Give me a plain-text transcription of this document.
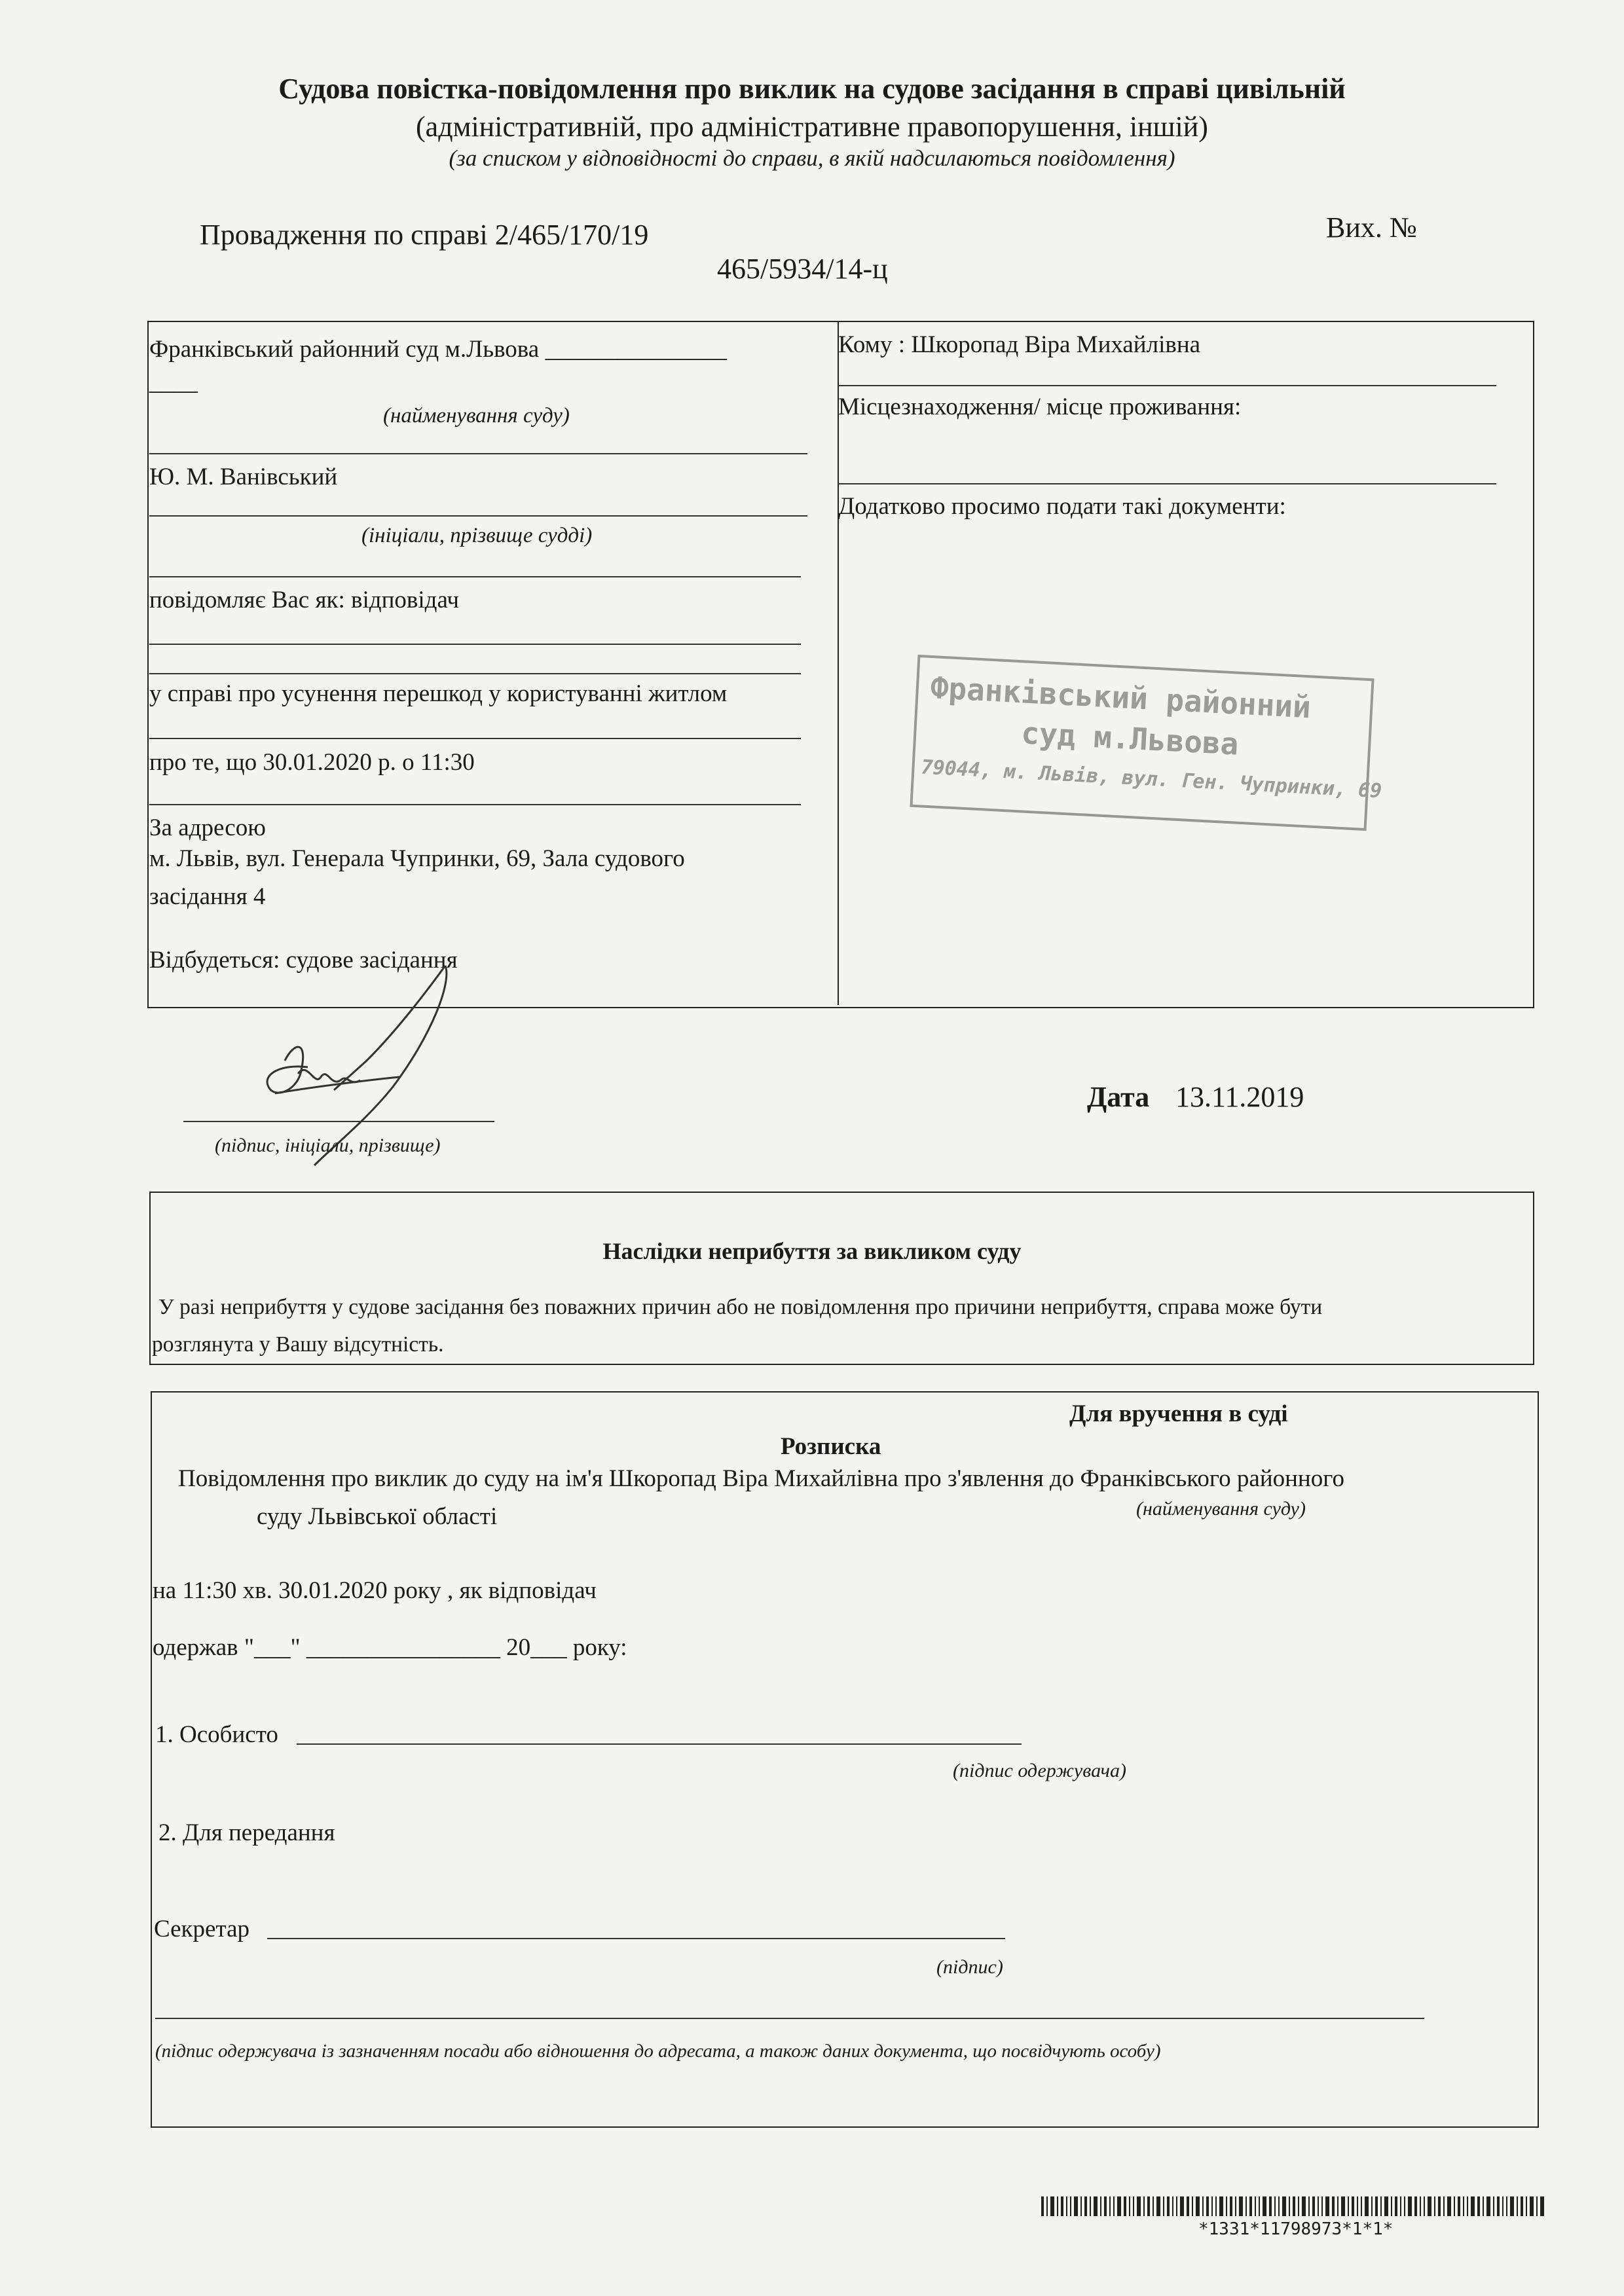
Судова повістка-повідомлення про виклик на судове засідання в справі цивільній
(адміністративній, про адміністративне правопорушення, іншій)
(за списком у відповідності до справи, в якій надсилаються повідомлення)
Провадження по справі 2/465/170/19	Вих. №
465/5934/14-ц
Франківський районний суд м.Львова _______________
____
(найменування суду)
Ю. М. Ванівський
(ініціали, прізвище судді)
повідомляє Вас як: відповідач
у справі про усунення перешкод у користуванні житлом
про те, що 30.01.2020 р. о 11:30
За адресою
м. Львів, вул. Генерала Чупринки, 69, Зала судового
засідання 4
Відбудеться: судове засідання
Кому : Шкоропад Віра Михайлівна
Місцезнаходження/ місце проживання:
Додатково просимо подати такі документи:
Франківський районний
суд м.Львова
79044, м. Львів, вул. Ген. Чупринки, 69
(підпис, ініціали, прізвище)
Дата 13.11.2019
Наслідки неприбуття за викликом суду
У разі неприбуття у судове засідання без поважних причин або не повідомлення про причини неприбуття, справа може бути
розглянута у Вашу відсутність.
Для вручення в суді
Розписка
Повідомлення про виклик до суду на ім'я Шкоропад Віра Михайлівна про з'явлення до Франківського районного
суду Львівської області	(найменування суду)
на 11:30 хв. 30.01.2020 року , як відповідач
одержав "___" ________________ 20___ року:
1. Особисто
(підпис одержувача)
2. Для передання
Секретар
(підпис)
(підпис одержувача із зазначенням посади або відношення до адресата, а також даних документа, що посвідчують особу)
*1331*11798973*1*1*
